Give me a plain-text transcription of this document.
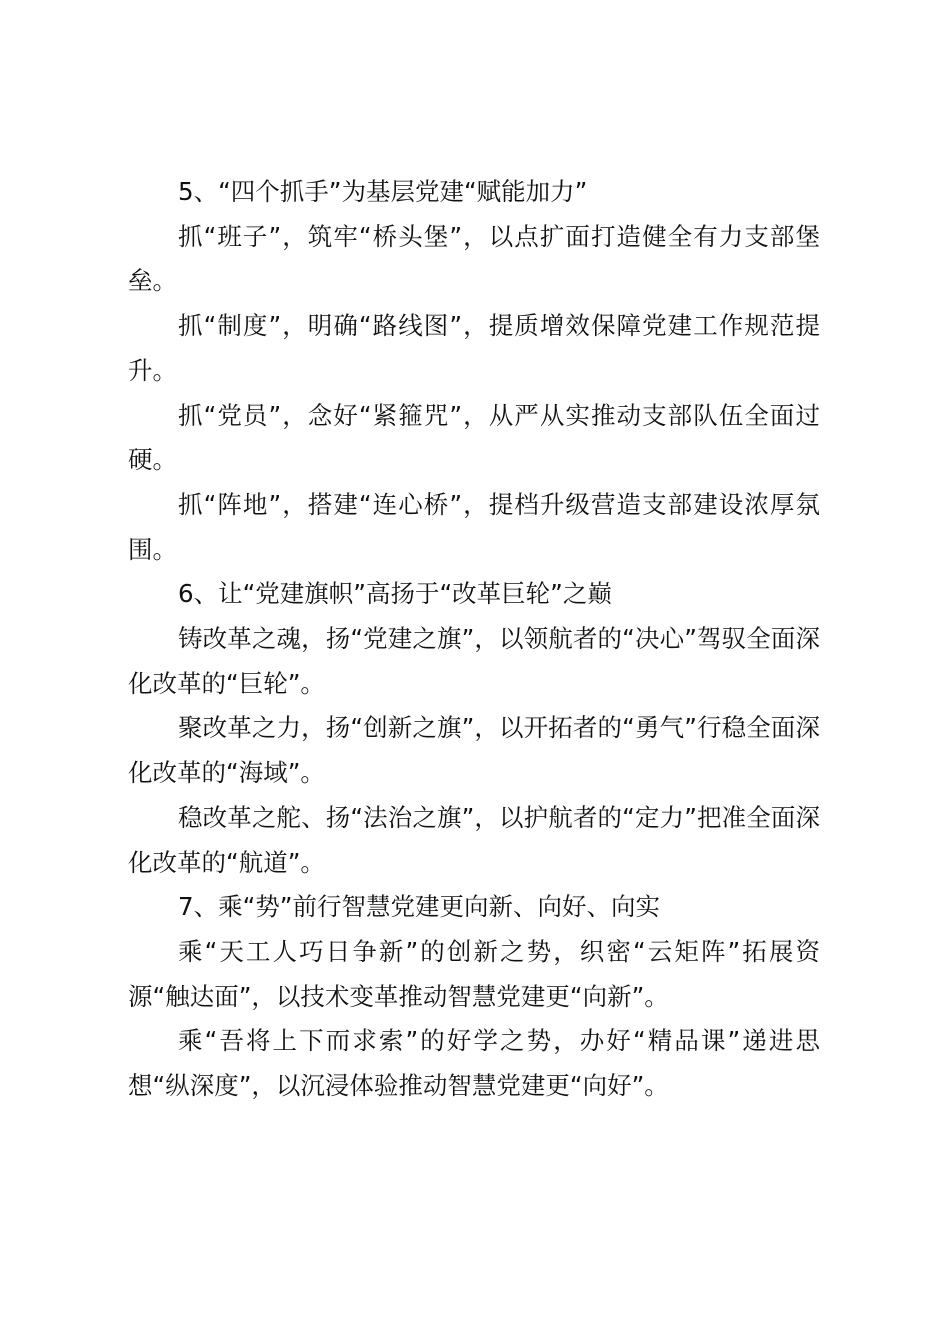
5、“四个抓手”为基层党建“赋能加力”

抓“班子”，筑牢“桥头堡”，以点扩面打造健全有力支部堡垒。

抓“制度”，明确“路线图”，提质增效保障党建工作规范提升。

抓“党员”，念好“紧箍咒”，从严从实推动支部队伍全面过硬。

抓“阵地”，搭建“连心桥”，提档升级营造支部建设浓厚氛围。

6、让“党建旗帜”高扬于“改革巨轮”之巅

铸改革之魂，扬“党建之旗”，以领航者的“决心”驾驭全面深化改革的“巨轮”。

聚改革之力，扬“创新之旗”，以开拓者的“勇气”行稳全面深化改革的“海域”。

稳改革之舵、扬“法治之旗”，以护航者的“定力”把准全面深化改革的“航道”。

7、乘“势”前行智慧党建更向新、向好、向实

乘“天工人巧日争新”的创新之势，织密“云矩阵”拓展资源“触达面”，以技术变革推动智慧党建更“向新”。

乘“吾将上下而求索”的好学之势，办好“精品课”递进思想“纵深度”，以沉浸体验推动智慧党建更“向好”。
